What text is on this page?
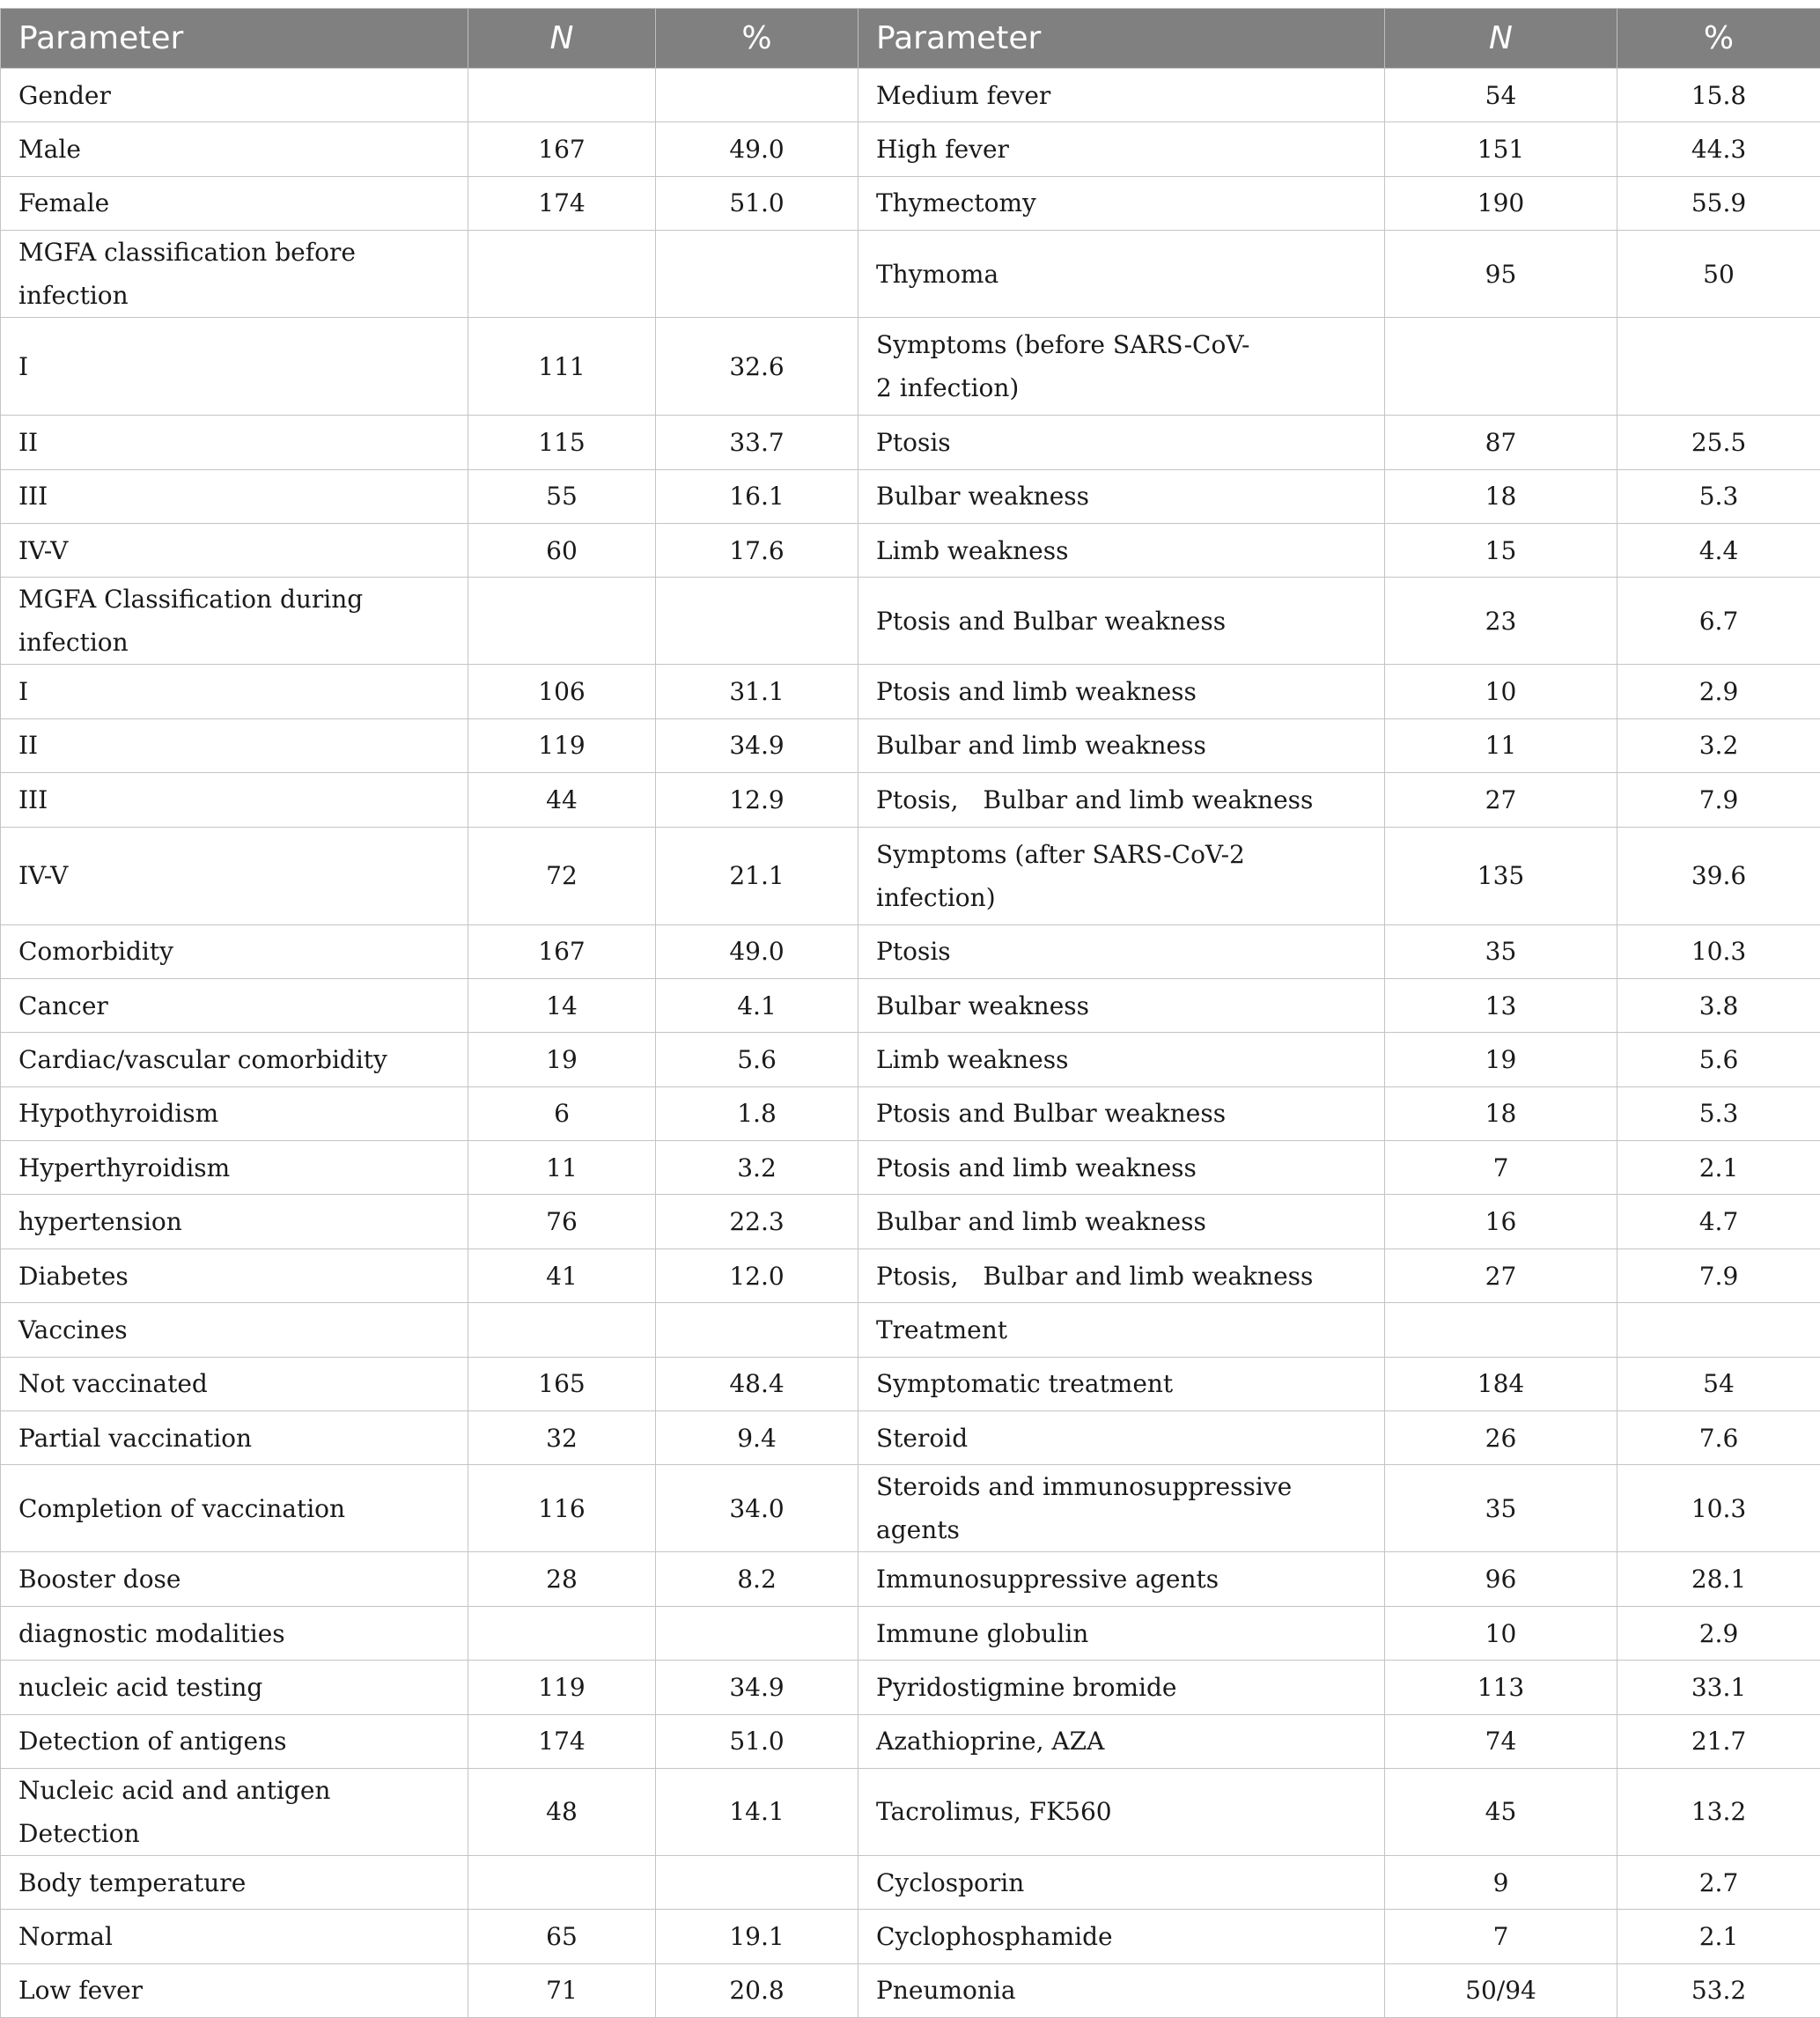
Parameter	N	%	Parameter	N	%
Gender			Medium fever	54	15.8
Male	167	49.0	High fever	151	44.3
Female	174	51.0	Thymectomy	190	55.9
MGFA classification before infection			Thymoma	95	50
I	111	32.6	Symptoms (before SARS-CoV-2 infection)		

II	115	33.7	Ptosis	87	25.5
III	55	16.1	Bulbar weakness	18	5.3
IV-V	60	17.6	Limb weakness	15	4.4
MGFA Classification during infection			Ptosis and Bulbar weakness	23	6.7
I	106	31.1	Ptosis and limb weakness	10	2.9
II	119	34.9	Bulbar and limb weakness	11	3.2
III	44	12.9	Ptosis,　Bulbar and limb weakness	27	7.9
IV-V	72	21.1	Symptoms (after SARS-CoV-2 infection)	135	39.6
Comorbidity	167	49.0	Ptosis	35	10.3
Cancer	14	4.1	Bulbar weakness	13	3.8
Cardiac/vascular comorbidity	19	5.6	Limb weakness	19	5.6
Hypothyroidism	6	1.8	Ptosis and Bulbar weakness	18	5.3
Hyperthyroidism	11	3.2	Ptosis and limb weakness	7	2.1
hypertension	76	22.3	Bulbar and limb weakness	16	4.7
Diabetes	41	12.0	Ptosis,　Bulbar and limb weakness	27	7.9
Vaccines			Treatment		
Not vaccinated	165	48.4	Symptomatic treatment	184	54
Partial vaccination	32	9.4	Steroid	26	7.6
Completion of vaccination	116	34.0	Steroids and immunosuppressive agents	35	10.3
Booster dose	28	8.2	Immunosuppressive agents	96	28.1
diagnostic modalities			Immune globulin	10	2.9
nucleic acid testing	119	34.9	Pyridostigmine bromide	113	33.1
Detection of antigens	174	51.0	Azathioprine, AZA	74	21.7
Nucleic acid and antigen Detection	48	14.1	Tacrolimus, FK560	45	13.2
Body temperature			Cyclosporin	9	2.7
Normal	65	19.1	Cyclophosphamide	7	2.1
Low fever	71	20.8	Pneumonia	50/94	53.2
